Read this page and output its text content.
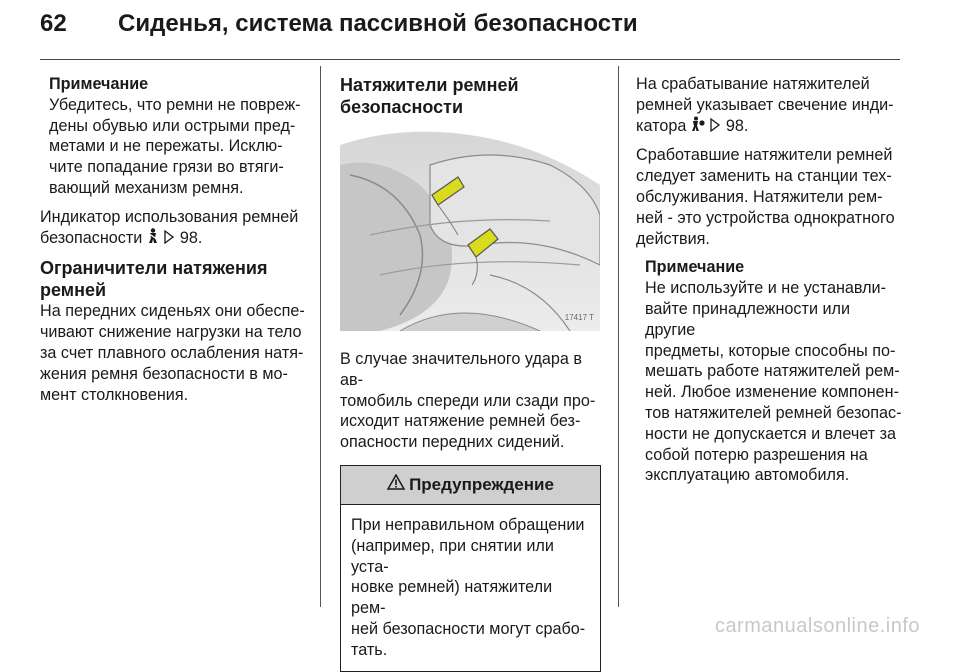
62 Сиденья, система пассивной безопасности

Примечание

Убедитесь, что ремни не повреж-

дены обувью или острыми пред-

метами и не пережаты. Исклю-

чите попадание грязи во втяги-

вающий механизм ремня.

Индикатор использования ремней

безопасности 98.

Ограничители натяжения

ремней

На передних сиденьях они обеспе-

чивают снижение нагрузки на тело

за счет плавного ослабления натя-

жения ремня безопасности в мо-

мент столкновения.

Натяжители ремней

безопасности

17417 T

В случае значительного удара в ав-

томобиль спереди или сзади про-

исходит натяжение ремней без-

опасности передних сидений.

Предупреждение

При неправильном обращении

(например, при снятии или уста-

новке ремней) натяжители рем-

ней безопасности могут срабо-

тать.

На срабатывание натяжителей

ремней указывает свечение инди-

катора 98.

Сработавшие натяжители ремней

следует заменить на станции тех-

обслуживания. Натяжители рем-

ней - это устройства однократного

действия.

Примечание

Не используйте и не устанавли-

вайте принадлежности или другие

предметы, которые способны по-

мешать работе натяжителей рем-

ней. Любое изменение компонен-

тов натяжителей ремней безопас-

ности не допускается и влечет за

собой потерю разрешения на

эксплуатацию автомобиля.

carmanualsonline.info
